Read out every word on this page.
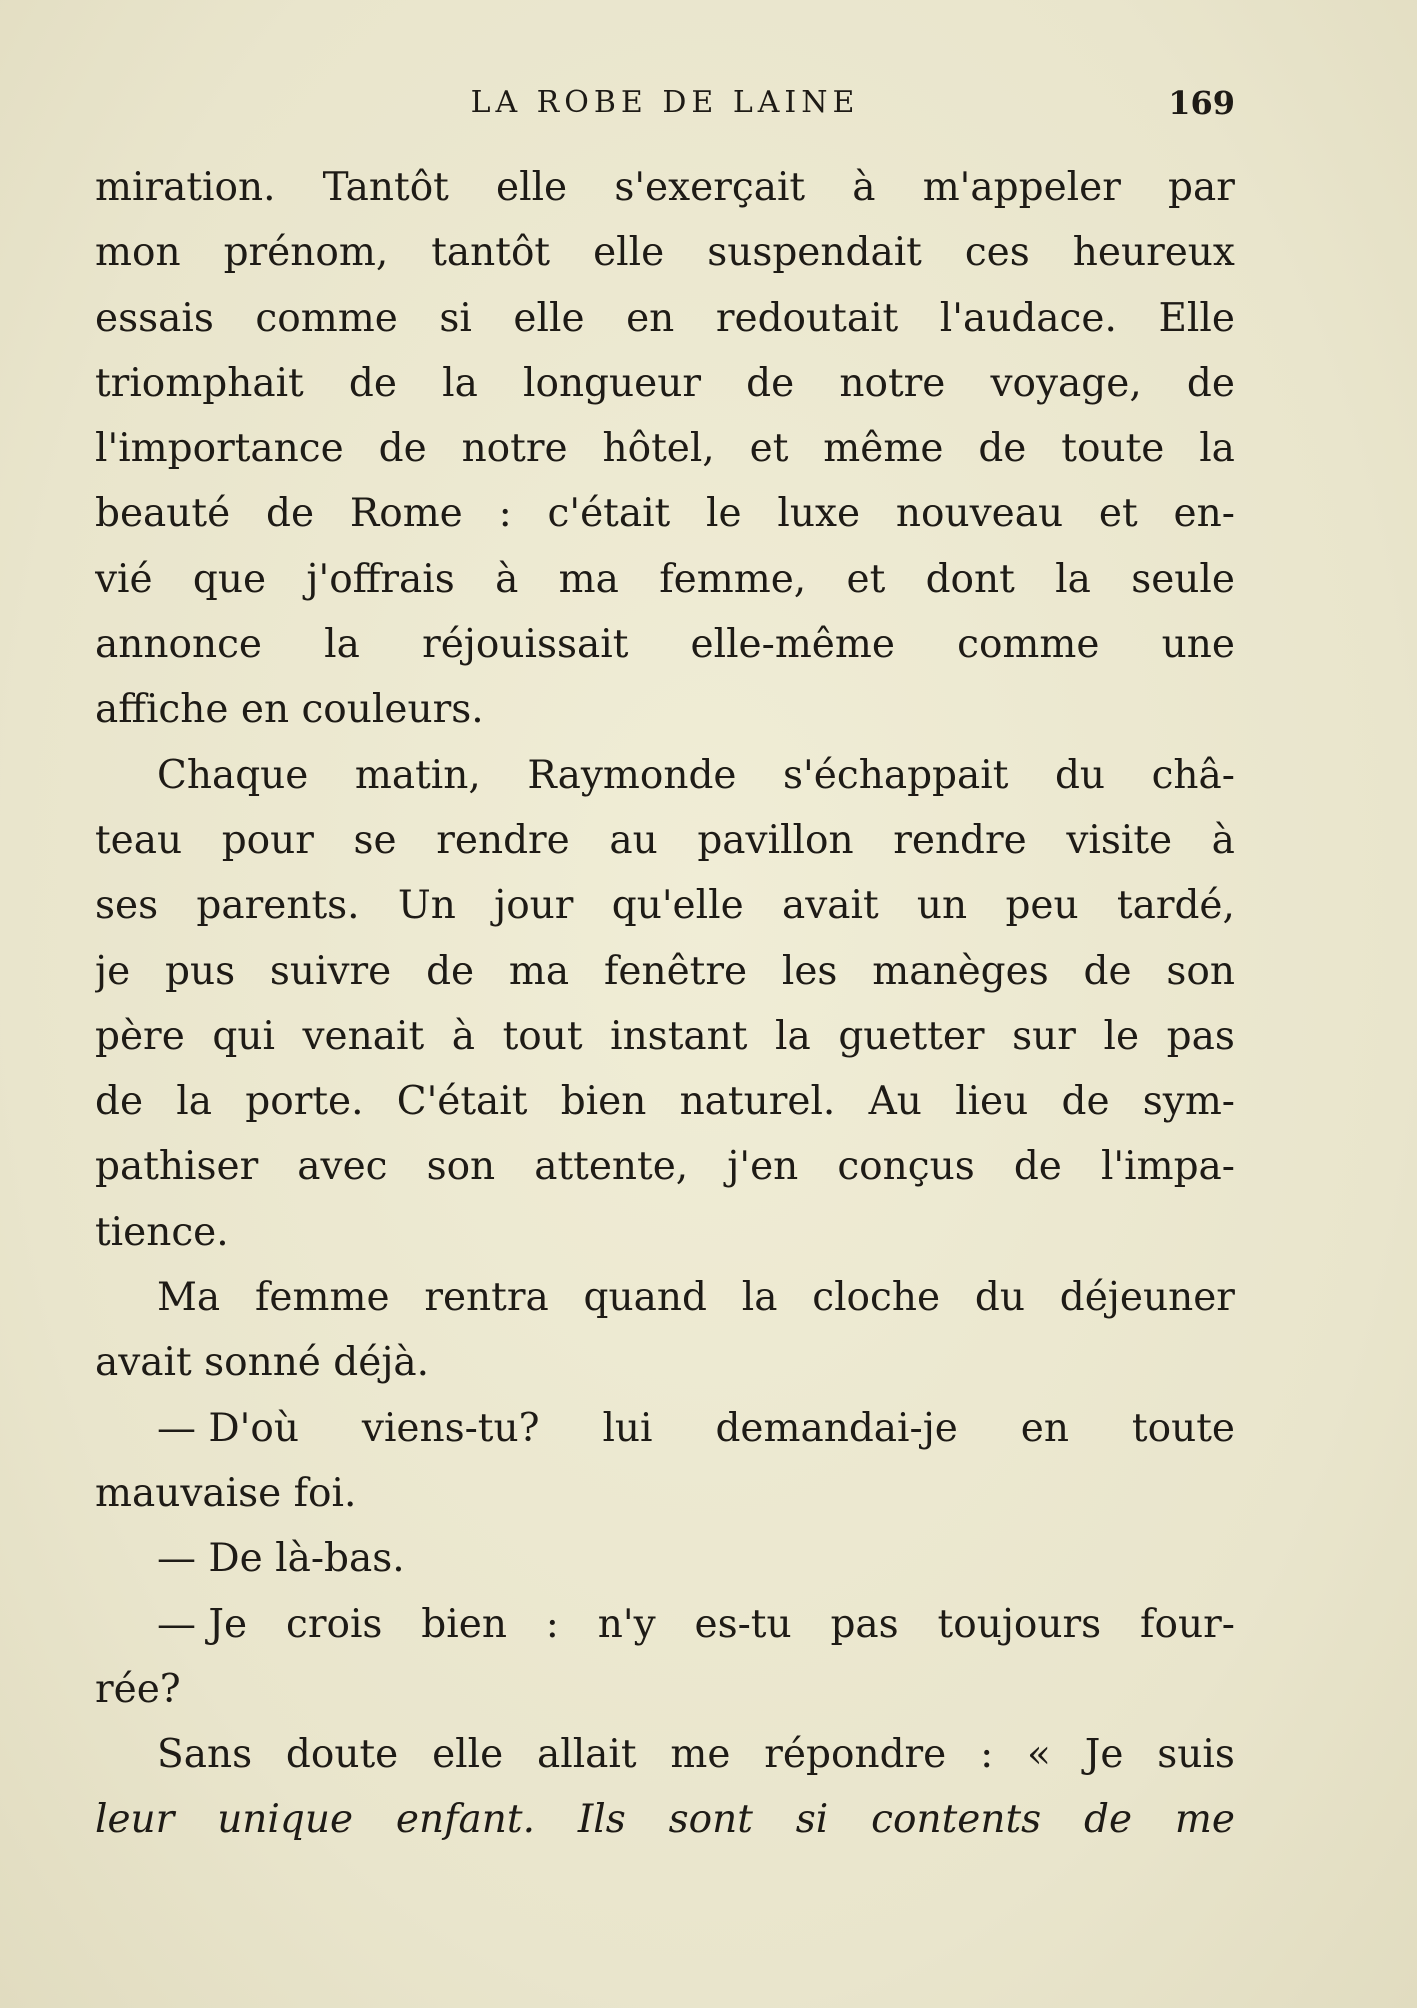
LA ROBE DE LAINE	169
miration. Tantôt elle s'exerçait à m'appeler par
mon prénom, tantôt elle suspendait ces heureux
essais comme si elle en redoutait l'audace. Elle
triomphait de la longueur de notre voyage, de
l'importance de notre hôtel, et même de toute la
beauté de Rome : c'était le luxe nouveau et en-
vié que j'offrais à ma femme, et dont la seule
annonce la réjouissait elle-même comme une
affiche en couleurs.
Chaque matin, Raymonde s'échappait du châ-
teau pour se rendre au pavillon rendre visite à
ses parents. Un jour qu'elle avait un peu tardé,
je pus suivre de ma fenêtre les manèges de son
père qui venait à tout instant la guetter sur le pas
de la porte. C'était bien naturel. Au lieu de sym-
pathiser avec son attente, j'en conçus de l'impa-
tience.
Ma femme rentra quand la cloche du déjeuner
avait sonné déjà.
— D'où viens-tu? lui demandai-je en toute
mauvaise foi.
— De là-bas.
— Je crois bien : n'y es-tu pas toujours four-
rée?
Sans doute elle allait me répondre : « Je suis
leur unique enfant. Ils sont si contents de me
